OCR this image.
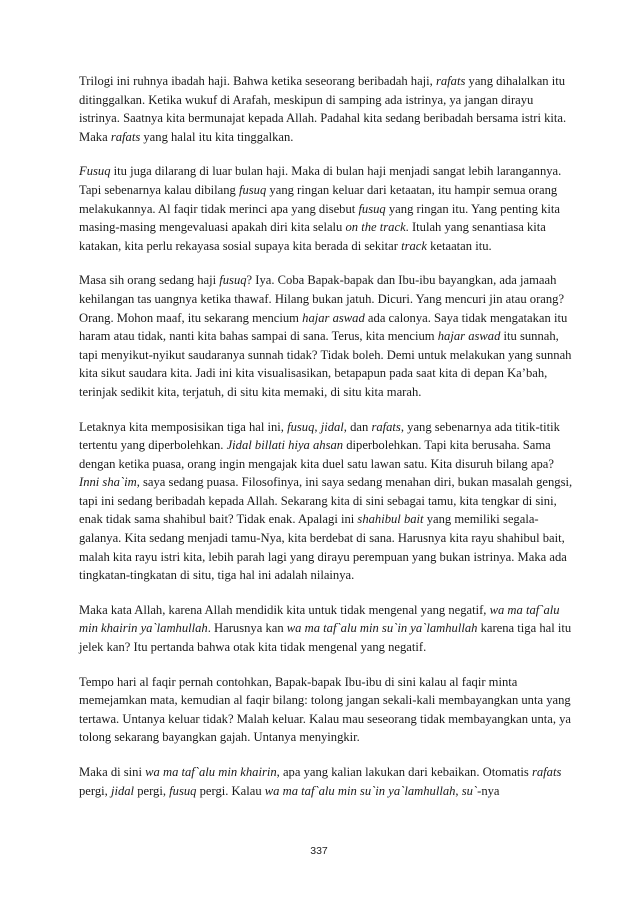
Trilogi ini ruhnya ibadah haji. Bahwa ketika seseorang beribadah haji, rafats yang dihalalkan itu ditinggalkan. Ketika wukuf di Arafah, meskipun di samping ada istrinya, ya jangan dirayu istrinya. Saatnya kita bermunajat kepada Allah. Padahal kita sedang beribadah bersama istri kita. Maka rafats yang halal itu kita tinggalkan.

Fusuq itu juga dilarang di luar bulan haji. Maka di bulan haji menjadi sangat lebih larangannya. Tapi sebenarnya kalau dibilang fusuq yang ringan keluar dari ketaatan, itu hampir semua orang melakukannya. Al faqir tidak merinci apa yang disebut fusuq yang ringan itu. Yang penting kita masing-masing mengevaluasi apakah diri kita selalu on the track. Itulah yang senantiasa kita katakan, kita perlu rekayasa sosial supaya kita berada di sekitar track ketaatan itu.

Masa sih orang sedang haji fusuq? Iya. Coba Bapak-bapak dan Ibu-ibu bayangkan, ada jamaah kehilangan tas uangnya ketika thawaf. Hilang bukan jatuh. Dicuri. Yang mencuri jin atau orang? Orang. Mohon maaf, itu sekarang mencium hajar aswad ada calonya. Saya tidak mengatakan itu haram atau tidak, nanti kita bahas sampai di sana. Terus, kita mencium hajar aswad itu sunnah, tapi menyikut-nyikut saudaranya sunnah tidak? Tidak boleh. Demi untuk melakukan yang sunnah kita sikut saudara kita. Jadi ini kita visualisasikan, betapapun pada saat kita di depan Ka’bah, terinjak sedikit kita, terjatuh, di situ kita memaki, di situ kita marah.

Letaknya kita memposisikan tiga hal ini, fusuq, jidal, dan rafats, yang sebenarnya ada titik-titik tertentu yang diperbolehkan. Jidal billati hiya ahsan diperbolehkan. Tapi kita berusaha. Sama dengan ketika puasa, orang ingin mengajak kita duel satu lawan satu. Kita disuruh bilang apa? Inni sha`im, saya sedang puasa. Filosofinya, ini saya sedang menahan diri, bukan masalah gengsi, tapi ini sedang beribadah kepada Allah. Sekarang kita di sini sebagai tamu, kita tengkar di sini, enak tidak sama shahibul bait? Tidak enak. Apalagi ini shahibul bait yang memiliki segala-galanya. Kita sedang menjadi tamu-Nya, kita berdebat di sana. Harusnya kita rayu shahibul bait, malah kita rayu istri kita, lebih parah lagi yang dirayu perempuan yang bukan istrinya. Maka ada tingkatan-tingkatan di situ, tiga hal ini adalah nilainya.

Maka kata Allah, karena Allah mendidik kita untuk tidak mengenal yang negatif, wa ma taf`alu min khairin ya`lamhullah. Harusnya kan wa ma taf`alu min su`in ya`lamhullah karena tiga hal itu jelek kan? Itu pertanda bahwa otak kita tidak mengenal yang negatif.

Tempo hari al faqir pernah contohkan, Bapak-bapak Ibu-ibu di sini kalau al faqir minta memejamkan mata, kemudian al faqir bilang: tolong jangan sekali-kali membayangkan unta yang tertawa. Untanya keluar tidak? Malah keluar. Kalau mau seseorang tidak membayangkan unta, ya tolong sekarang bayangkan gajah. Untanya menyingkir.

Maka di sini wa ma taf`alu min khairin, apa yang kalian lakukan dari kebaikan. Otomatis rafats pergi, jidal pergi, fusuq pergi. Kalau wa ma taf`alu min su`in ya`lamhullah, su`-nya

337
